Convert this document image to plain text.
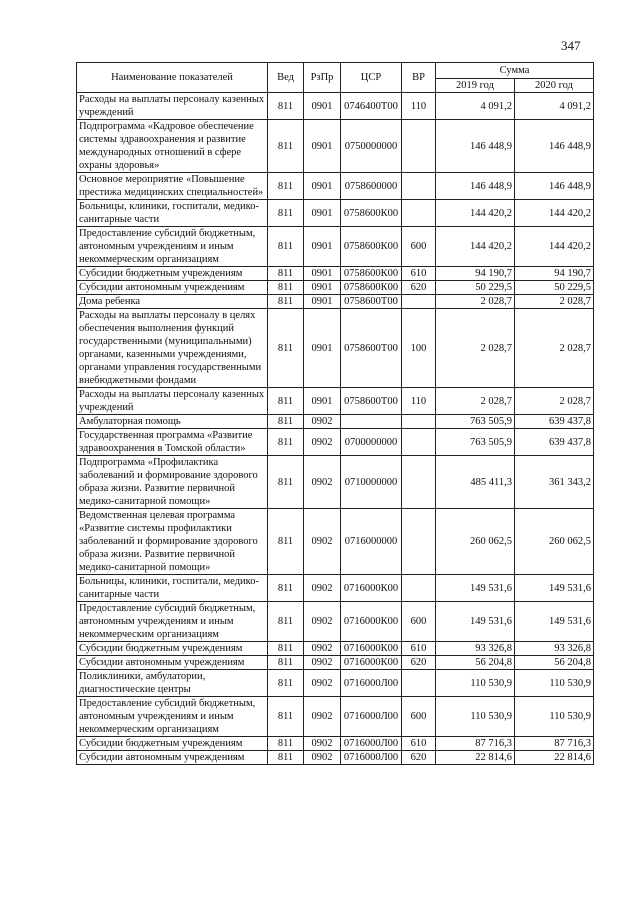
347
Наименование показателей	Вед	РзПр	ЦСР	ВР	Сумма	
					2019 год	2020 год
Расходы на выплаты персоналу казенных учреждений	811	0901	0746400Т00	110	4 091,2	4 091,2
Подпрограмма «Кадровое обеспечение системы здравоохранения и развитие международных отношений в сфере охраны здоровья»	811	0901	0750000000		146 448,9	146 448,9
Основное мероприятие «Повышение престижа медицинских специальностей»	811	0901	0758600000		146 448,9	146 448,9
Больницы, клиники, госпитали, медико-санитарные части	811	0901	0758600К00		144 420,2	144 420,2
Предоставление субсидий бюджетным, автономным учреждениям и иным некоммерческим организациям	811	0901	0758600К00	600	144 420,2	144 420,2
Субсидии бюджетным учреждениям	811	0901	0758600К00	610	94 190,7	94 190,7
Субсидии автономным учреждениям	811	0901	0758600К00	620	50 229,5	50 229,5
Дома ребенка	811	0901	0758600Т00		2 028,7	2 028,7
Расходы на выплаты персоналу в целях обеспечения выполнения функций государственными (муниципальными) органами, казенными учреждениями, органами управления государственными внебюджетными фондами	811	0901	0758600Т00	100	2 028,7	2 028,7
Расходы на выплаты персоналу казенных учреждений	811	0901	0758600Т00	110	2 028,7	2 028,7
Амбулаторная помощь	811	0902			763 505,9	639 437,8
Государственная программа «Развитие здравоохранения в Томской области»	811	0902	0700000000		763 505,9	639 437,8
Подпрограмма «Профилактика заболеваний и формирование здорового образа жизни. Развитие первичной медико-санитарной помощи»	811	0902	0710000000		485 411,3	361 343,2
Ведомственная целевая программа «Развитие системы профилактики заболеваний и формирование здорового образа жизни. Развитие первичной медико-санитарной помощи»	811	0902	0716000000		260 062,5	260 062,5
Больницы, клиники, госпитали, медико-санитарные части	811	0902	0716000К00		149 531,6	149 531,6
Предоставление субсидий бюджетным, автономным учреждениям и иным некоммерческим организациям	811	0902	0716000К00	600	149 531,6	149 531,6
Субсидии бюджетным учреждениям	811	0902	0716000К00	610	93 326,8	93 326,8
Субсидии автономным учреждениям	811	0902	0716000К00	620	56 204,8	56 204,8
Поликлиники, амбулатории, диагностические центры	811	0902	0716000Л00		110 530,9	110 530,9
Предоставление субсидий бюджетным, автономным учреждениям и иным некоммерческим организациям	811	0902	0716000Л00	600	110 530,9	110 530,9
Субсидии бюджетным учреждениям	811	0902	0716000Л00	610	87 716,3	87 716,3
Субсидии автономным учреждениям	811	0902	0716000Л00	620	22 814,6	22 814,6
